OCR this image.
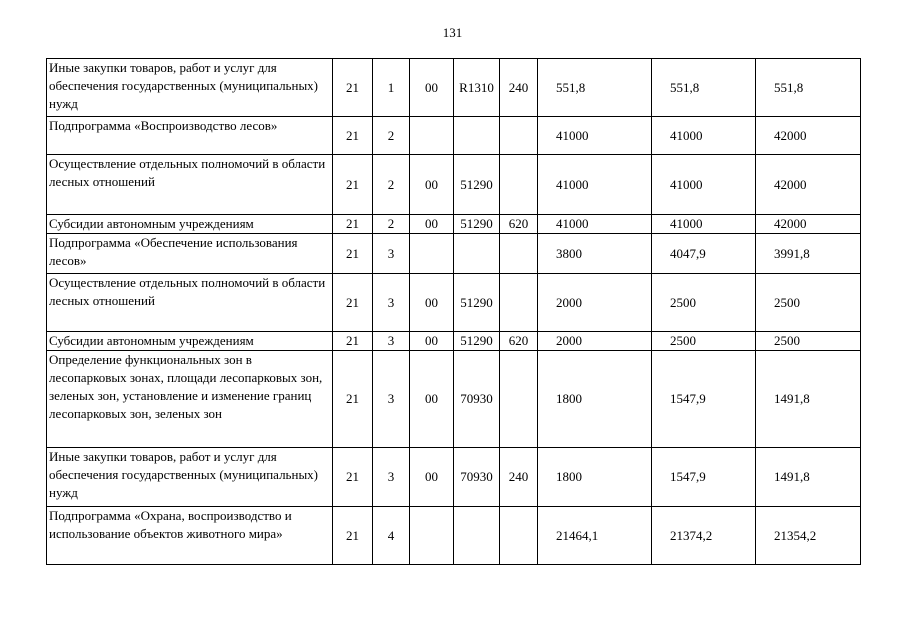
131
Иные закупки товаров, работ и услуг для обеспечения государственных (муниципальных) нужд	21	1	00	R1310	240	551,8	551,8	551,8
Подпрограмма «Воспроизводство лесов»	21	2				41000	41000	42000
Осуществление отдельных полномочий в области лесных отношений	21	2	00	51290		41000	41000	42000
Субсидии автономным учреждениям	21	2	00	51290	620	41000	41000	42000
Подпрограмма «Обеспечение использования лесов»	21	3				3800	4047,9	3991,8
Осуществление отдельных полномочий в области лесных отношений	21	3	00	51290		2000	2500	2500
Субсидии автономным учреждениям	21	3	00	51290	620	2000	2500	2500
Определение функциональных зон в лесопарковых зонах, площади лесопарковых зон, зеленых зон, установление и изменение границ лесопарковых зон, зеленых зон	21	3	00	70930		1800	1547,9	1491,8
Иные закупки товаров, работ и услуг для обеспечения государственных (муниципальных) нужд	21	3	00	70930	240	1800	1547,9	1491,8
Подпрограмма «Охрана, воспроизводство и использование объектов животного мира»	21	4				21464,1	21374,2	21354,2
